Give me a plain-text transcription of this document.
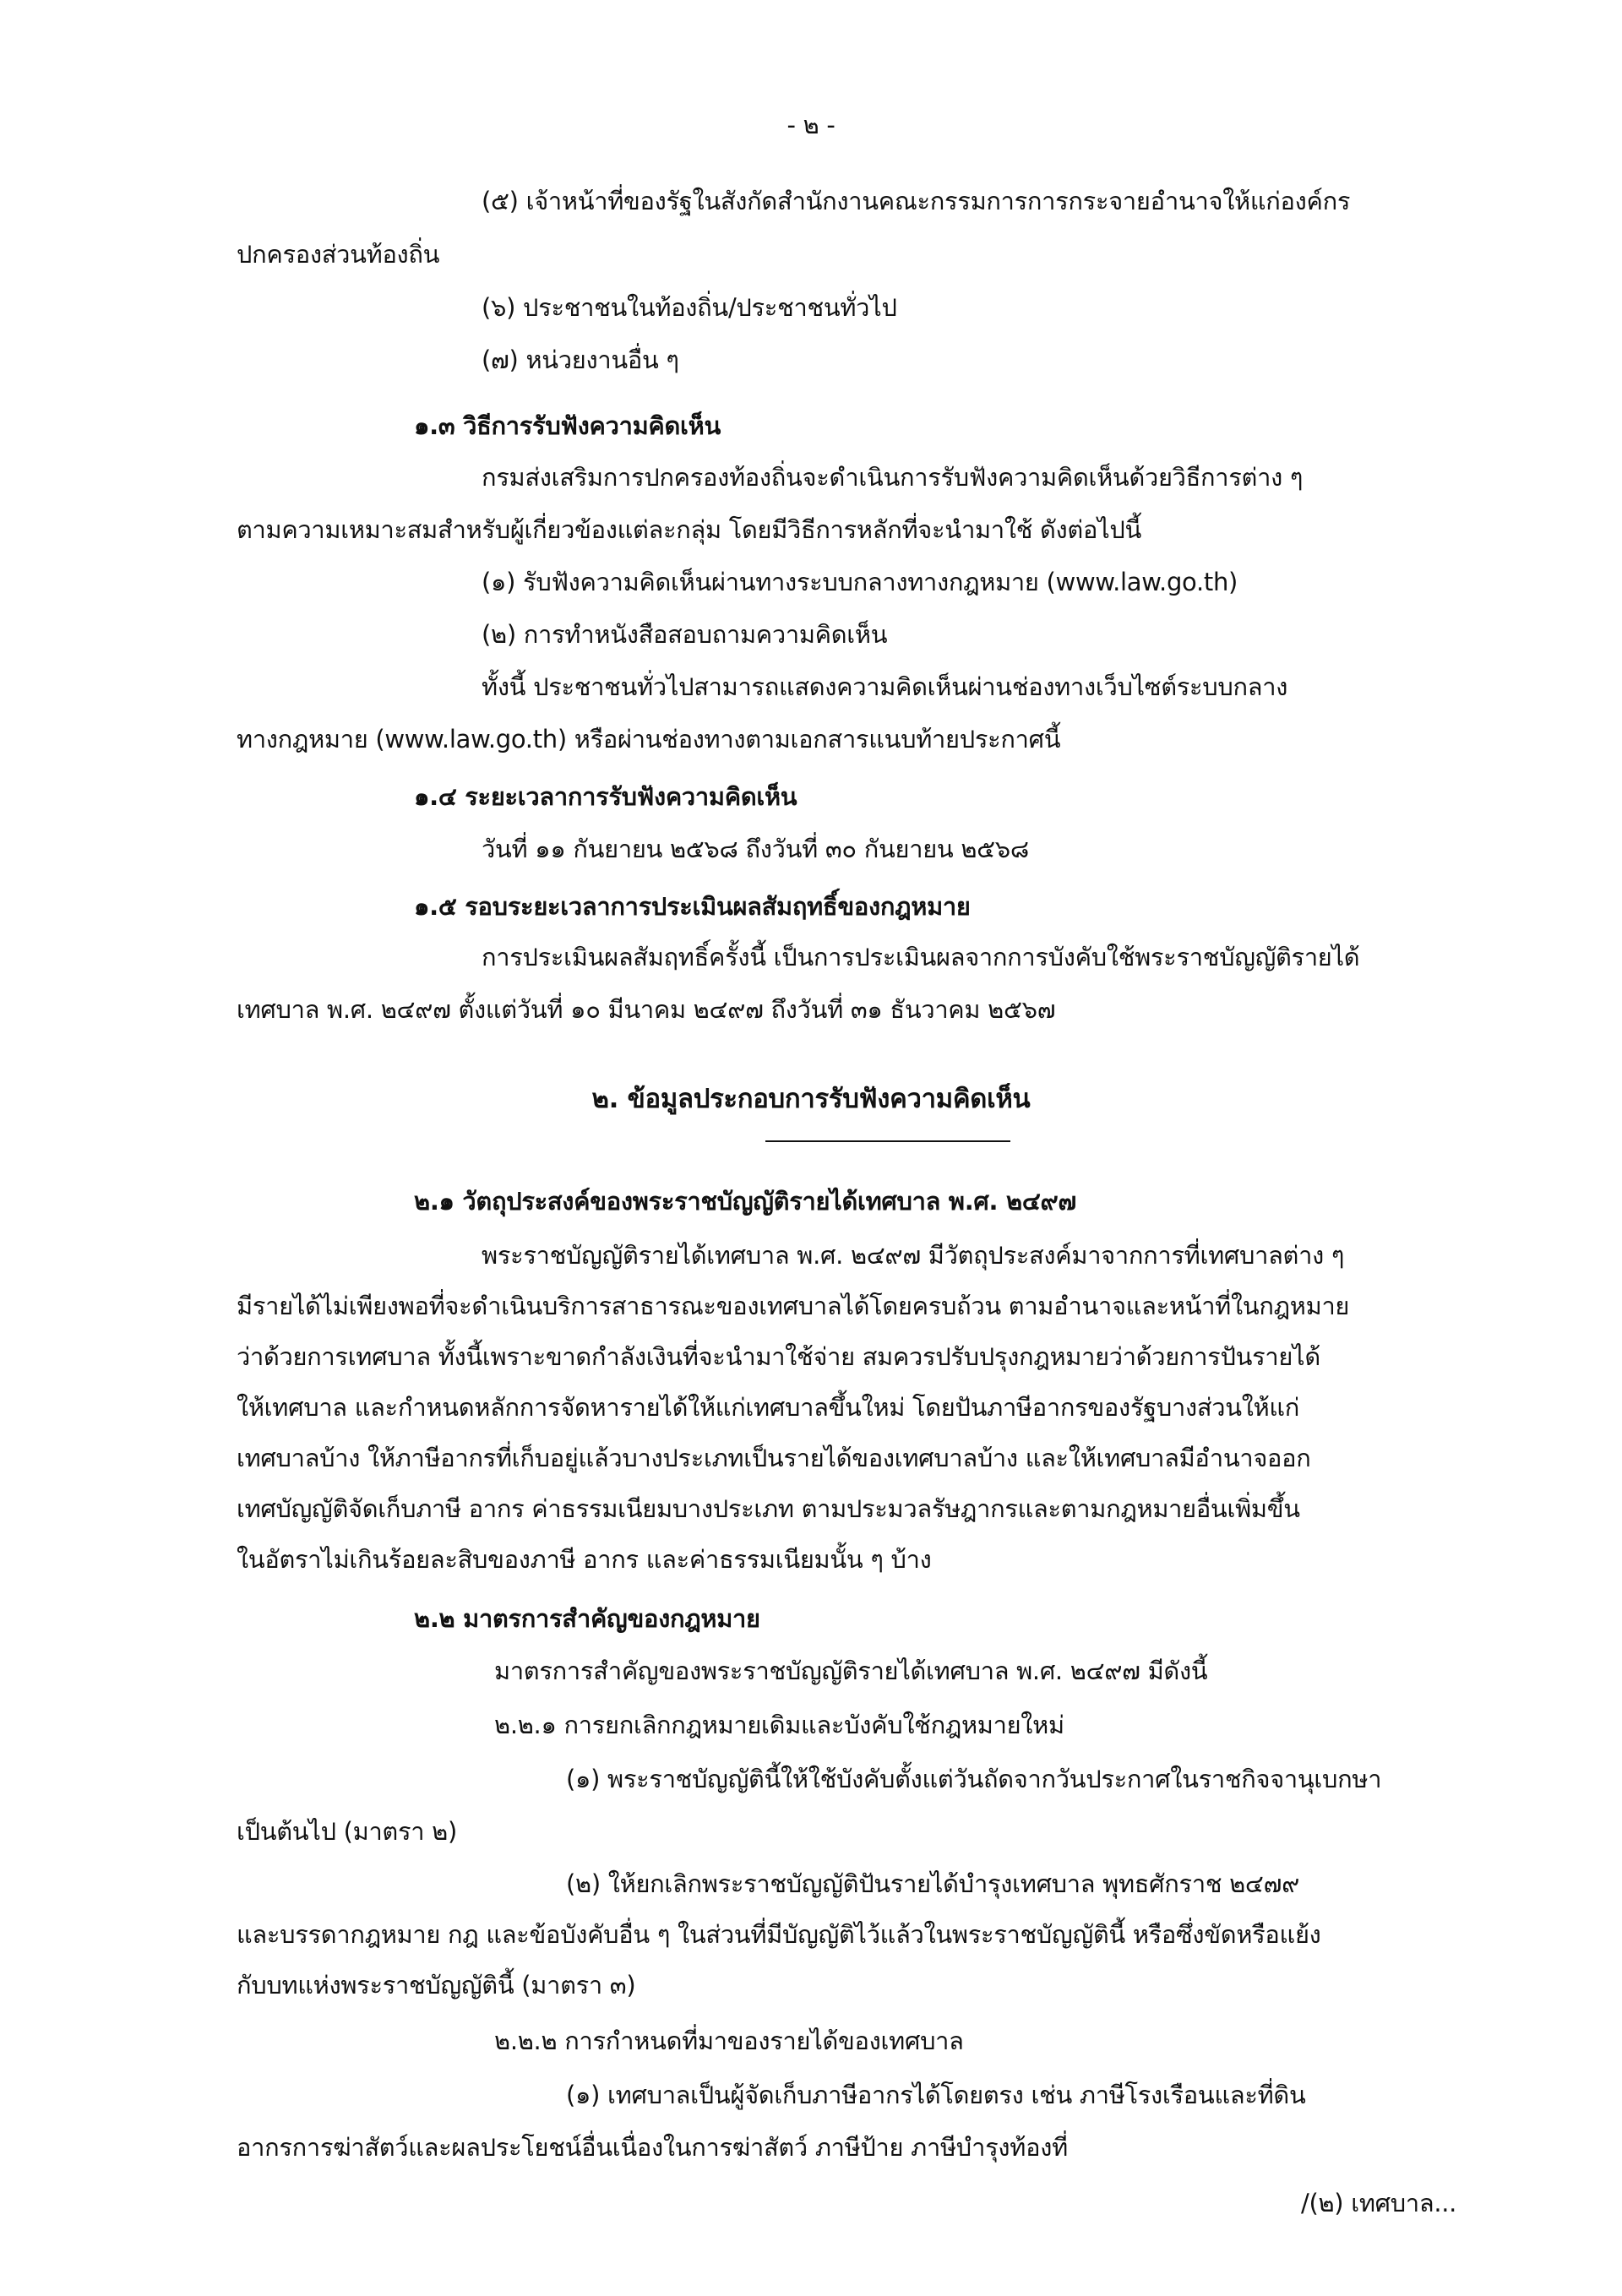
- ๒ -
(๕) เจ้าหน้าที่ของรัฐในสังกัดสำนักงานคณะกรรมการการกระจายอำนาจให้แก่องค์กร
ปกครองส่วนท้องถิ่น
(๖) ประชาชนในท้องถิ่น/ประชาชนทั่วไป
(๗) หน่วยงานอื่น ๆ
๑.๓ วิธีการรับฟังความคิดเห็น
กรมส่งเสริมการปกครองท้องถิ่นจะดำเนินการรับฟังความคิดเห็นด้วยวิธีการต่าง ๆ
ตามความเหมาะสมสำหรับผู้เกี่ยวข้องแต่ละกลุ่ม โดยมีวิธีการหลักที่จะนำมาใช้ ดังต่อไปนี้
(๑) รับฟังความคิดเห็นผ่านทางระบบกลางทางกฎหมาย (www.law.go.th)
(๒) การทำหนังสือสอบถามความคิดเห็น
ทั้งนี้ ประชาชนทั่วไปสามารถแสดงความคิดเห็นผ่านช่องทางเว็บไซต์ระบบกลาง
ทางกฎหมาย (www.law.go.th) หรือผ่านช่องทางตามเอกสารแนบท้ายประกาศนี้
๑.๔ ระยะเวลาการรับฟังความคิดเห็น
วันที่ ๑๑ กันยายน ๒๕๖๘ ถึงวันที่ ๓๐ กันยายน ๒๕๖๘
๑.๕ รอบระยะเวลาการประเมินผลสัมฤทธิ์ของกฎหมาย
การประเมินผลสัมฤทธิ์ครั้งนี้ เป็นการประเมินผลจากการบังคับใช้พระราชบัญญัติรายได้
เทศบาล พ.ศ. ๒๔๙๗ ตั้งแต่วันที่ ๑๐ มีนาคม ๒๔๙๗ ถึงวันที่ ๓๑ ธันวาคม ๒๕๖๗
๒. ข้อมูลประกอบการรับฟังความคิดเห็น
๒.๑ วัตถุประสงค์ของพระราชบัญญัติรายได้เทศบาล พ.ศ. ๒๔๙๗
พระราชบัญญัติรายได้เทศบาล พ.ศ. ๒๔๙๗ มีวัตถุประสงค์มาจากการที่เทศบาลต่าง ๆ
มีรายได้ไม่เพียงพอที่จะดำเนินบริการสาธารณะของเทศบาลได้โดยครบถ้วน ตามอำนาจและหน้าที่ในกฎหมาย
ว่าด้วยการเทศบาล ทั้งนี้เพราะขาดกำลังเงินที่จะนำมาใช้จ่าย สมควรปรับปรุงกฎหมายว่าด้วยการปันรายได้
ให้เทศบาล และกำหนดหลักการจัดหารายได้ให้แก่เทศบาลขึ้นใหม่ โดยปันภาษีอากรของรัฐบางส่วนให้แก่
เทศบาลบ้าง ให้ภาษีอากรที่เก็บอยู่แล้วบางประเภทเป็นรายได้ของเทศบาลบ้าง และให้เทศบาลมีอำนาจออก
เทศบัญญัติจัดเก็บภาษี อากร ค่าธรรมเนียมบางประเภท ตามประมวลรัษฎากรและตามกฎหมายอื่นเพิ่มขึ้น
ในอัตราไม่เกินร้อยละสิบของภาษี อากร และค่าธรรมเนียมนั้น ๆ บ้าง
๒.๒ มาตรการสำคัญของกฎหมาย
มาตรการสำคัญของพระราชบัญญัติรายได้เทศบาล พ.ศ. ๒๔๙๗ มีดังนี้
๒.๒.๑ การยกเลิกกฎหมายเดิมและบังคับใช้กฎหมายใหม่
(๑) พระราชบัญญัตินี้ให้ใช้บังคับตั้งแต่วันถัดจากวันประกาศในราชกิจจานุเบกษา
เป็นต้นไป (มาตรา ๒)
(๒) ให้ยกเลิกพระราชบัญญัติปันรายได้บำรุงเทศบาล พุทธศักราช ๒๔๗๙
และบรรดากฎหมาย กฎ และข้อบังคับอื่น ๆ ในส่วนที่มีบัญญัติไว้แล้วในพระราชบัญญัตินี้ หรือซึ่งขัดหรือแย้ง
กับบทแห่งพระราชบัญญัตินี้ (มาตรา ๓)
๒.๒.๒ การกำหนดที่มาของรายได้ของเทศบาล
(๑) เทศบาลเป็นผู้จัดเก็บภาษีอากรได้โดยตรง เช่น ภาษีโรงเรือนและที่ดิน
อากรการฆ่าสัตว์และผลประโยชน์อื่นเนื่องในการฆ่าสัตว์ ภาษีป้าย ภาษีบำรุงท้องที่
/(๒) เทศบาล...
